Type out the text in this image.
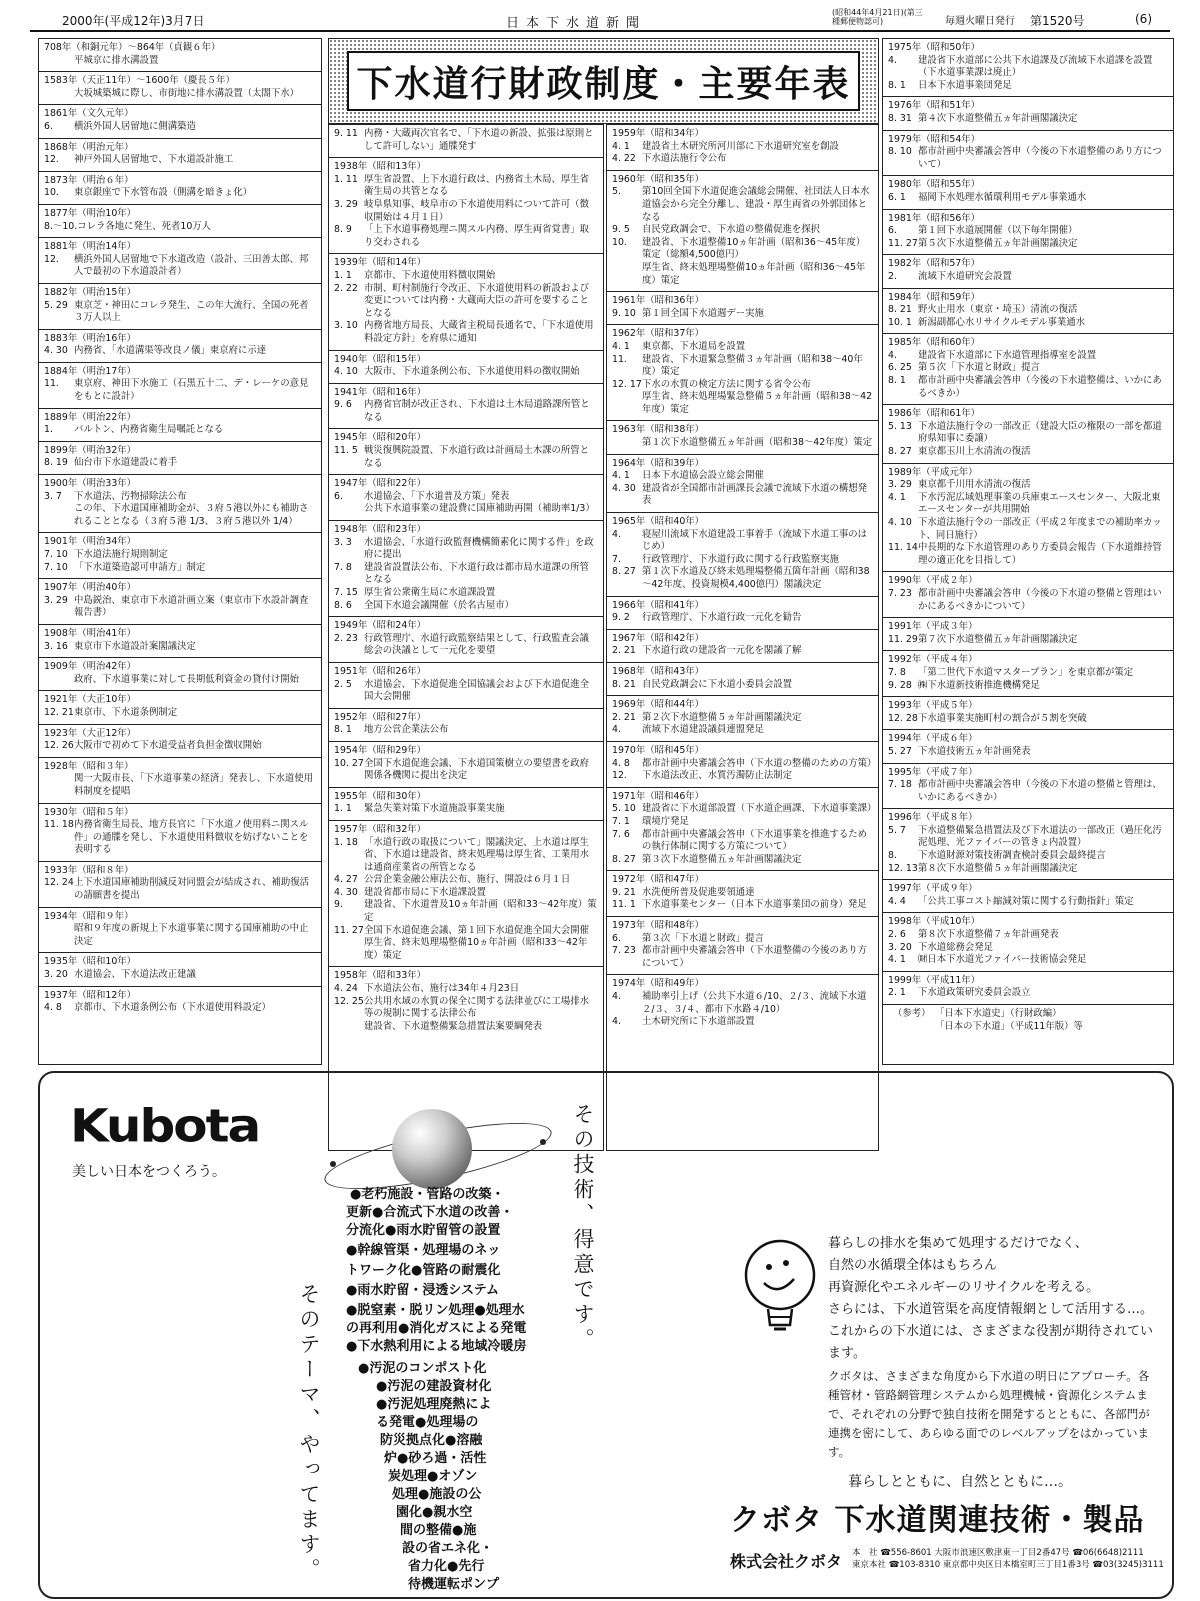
2000年(平成12年)3月7日	日本下水道新聞
(昭和44年4月21日)(第三種郵便物認可)	毎週火曜日発行 第1520号	(6)
下水道行財政制度・主要年表
708年（和銅元年）～864年（貞観６年）
平城京に排水溝設置
1583年（天正11年）～1600年（慶長５年）
大坂城築城に際し、市街地に排水溝設置（太閤下水）
1861年（文久元年）
6.	横浜外国人居留地に側溝築造
1868年（明治元年）
12.	神戸外国人居留地で、下水道設計施工
1873年（明治６年）
10.	東京銀座で下水管布設（側溝を暗きょ化）
1877年（明治10年）
8.～10. コレラ各地に発生、死者10万人
1881年（明治14年）
12.	横浜外国人居留地で下水道改造（設計、三田善太郎、邦人で最初の下水道設計者）
1882年（明治15年）
5. 29 東京芝・神田にコレラ発生、この年大流行、全国の死者３万人以上
1883年（明治16年）
4. 30 内務省、「水道溝渠等改良ノ儀」東京府に示達
1884年（明治17年）
11.	東京府、神田下水施工（石黒五十二、デ・レーケの意見をもとに設計）
1889年（明治22年）
1.	バルトン、内務省衛生局嘱託となる
1899年（明治32年）
8. 19 仙台市下水道建設に着手
1900年（明治33年）
3. 7	下水道法、汚物掃除法公布
この年、下水道国庫補助金が、３府５港以外にも補助されることとなる（３府５港 1/3、３府５港以外 1/4）
1901年（明治34年）
7. 10 下水道法施行規則制定
7. 10 「下水道築造認可申請方」制定
1907年（明治40年）
3. 29 中島鋭治、東京市下水道計画立案（東京市下水設計調査報告書）
1908年（明治41年）
3. 16 東京市下水道設計案閣議決定
1909年（明治42年）
政府、下水道事業に対して長期低利資金の貸付け開始
1921年（大正10年）
12. 21 東京市、下水道条例制定
1923年（大正12年）
12. 26 大阪市で初めて下水道受益者負担金徴収開始
1928年（昭和３年）
関一大阪市長、「下水道事業の経済」発表し、下水道使用料制度を提唱
1930年（昭和５年）
11. 18 内務省衛生局長、地方長官に「下水道ノ使用料ニ関スル件」の通牒を発し、下水道使用料徴収を妨げないことを表明する
1933年（昭和８年）
12. 24 上下水道国庫補助削減反対同盟会が結成され、補助復活の請願書を提出
1934年（昭和９年）
昭和９年度の新規上下水道事業に関する国庫補助の中止決定
1935年（昭和10年）
3. 20 水道協会、下水道法改正建議
1937年（昭和12年）
4. 8	京都市、下水道条例公布（下水道使用料設定）
9. 11 内務・大蔵両次官名で、「下水道の新設、拡張は原則として許可しない」通牒発す
1938年（昭和13年）
1. 11 厚生省設置、上下水道行政は、内務省土木局、厚生省衛生局の共管となる
3. 29 岐阜県知事、岐阜市の下水道使用料について許可（徴収開始は４月１日）
8. 9	「上下水道事務処理ニ関スル内務、厚生両省覚書」取り交わされる
1939年（昭和14年）
1. 1	京都市、下水道使用料徴収開始
2. 22 市制、町村制施行令改正、下水道使用料の新設および変更については内務・大蔵両大臣の許可を要することとなる
3. 10 内務省地方局長、大蔵省主税局長通名で、「下水道使用料設定方針」を府県に通知
1940年（昭和15年）
4. 10 大阪市、下水道条例公布、下水道使用料の徴収開始
1941年（昭和16年）
9. 6	内務省官制が改正され、下水道は土木局道路課所管となる
1945年（昭和20年）
11. 5 戦災復興院設置、下水道行政は計画局土木課の所管となる
1947年（昭和22年）
6.	水道協会、「下水道普及方策」発表
公共下水道事業の建設費に国庫補助再開（補助率1/3）
1948年（昭和23年）
3. 3	水道協会、「水道行政監督機構簡素化に関する件」を政府に提出
7. 8	建設省設置法公布、下水道行政は都市局水道課の所管となる
7. 15 厚生省公衆衛生局に水道課設置
8. 6	全国下水道会議開催（於名古屋市）
1949年（昭和24年）
2. 23 行政管理庁、水道行政監察結果として、行政監査会議総会の決議として一元化を要望
1951年（昭和26年）
2. 5	水道協会、下水道促進全国協議会および下水道促進全国大会開催
1952年（昭和27年）
8. 1	地方公営企業法公布
1954年（昭和29年）
10. 27 全国下水道促進会議、下水道国策樹立の要望書を政府関係各機関に提出を決定
1955年（昭和30年）
1. 1	緊急失業対策下水道施設事業実施
1957年（昭和32年）
1. 18 「水道行政の取扱について」閣議決定、上水道は厚生省、下水道は建設省、終末処理場は厚生省、工業用水は通商産業省の所管となる
4. 27 公営企業金融公庫法公布、施行、開設は６月１日
4. 30 建設省都市局に下水道課設置
9.	建設省、下水道普及10ヵ年計画（昭和33～42年度）策定
11. 27 全国下水道促進会議、第１回下水道促進全国大会開催
厚生省、終末処理場整備10ヵ年計画（昭和33～42年度）策定
1958年（昭和33年）
4. 24 下水道法公布、施行は34年４月23日
12. 25 公共用水域の水質の保全に関する法律並びに工場排水等の規制に関する法律公布
建設省、下水道整備緊急措置法案要綱発表
1959年（昭和34年）
4. 1	建設省土木研究所河川部に下水道研究室を創設
4. 22 下水道法施行令公布
1960年（昭和35年）
5.	第10回全国下水道促進会議総会開催、社団法人日本水道協会から完全分離し、建設・厚生両省の外郭団体となる
9. 5	自民党政調会で、下水道の整備促進を探択
10.	建設省、下水道整備10ヵ年計画（昭和36～45年度）策定（総額4,500億円）
厚生省、終末処理場整備10ヵ年計画（昭和36～45年度）策定
1961年（昭和36年）
9. 10 第１回全国下水道週デー実施
1962年（昭和37年）
4. 1	東京都、下水道局を設置
11.	建設省、下水道緊急整備３ヵ年計画（昭和38～40年度）策定
12. 17 下水の水質の検定方法に関する省令公布
厚生省、終末処理場緊急整備５ヵ年計画（昭和38～42年度）策定
1963年（昭和38年）
第１次下水道整備五ヵ年計画（昭和38～42年度）策定
1964年（昭和39年）
4. 1	日本下水道協会設立総会開催
4. 30 建設省が全国都市計画課長会議で流域下水道の構想発表
1965年（昭和40年）
4.	寝屋川流域下水道建設工事着手（流域下水道工事のはじめ）
7.	行政管理庁、下水道行政に関する行政監察実施
8. 27 第１次下水道及び終末処理場整備五箇年計画（昭和38～42年度、投資規模4,400億円）閣議決定
1966年（昭和41年）
9. 2	行政管理庁、下水道行政一元化を勧告
1967年（昭和42年）
2. 21 下水道行政の建設省一元化を閣議了解
1968年（昭和43年）
8. 21 自民党政調会に下水道小委員会設置
1969年（昭和44年）
2. 21 第２次下水道整備５ヵ年計画閣議決定
4.	流域下水道建設議員連盟発足
1970年（昭和45年）
4. 8	都市計画中央審議会答申（下水道の整備のための方策）
12.	下水道法改正、水質汚濁防止法制定
1971年（昭和46年）
5. 10 建設省に下水道部設置（下水道企画課、下水道事業課）
7. 1	環境庁発足
7. 6	都市計画中央審議会答申（下水道事業を推進するための執行体制に関する方策について）
8. 27 第３次下水道整備五ヵ年計画閣議決定
1972年（昭和47年）
9. 21 水洗便所普及促進要領通達
11. 1 下水道事業センター（日本下水道事業団の前身）発足
1973年（昭和48年）
6.	第３次「下水道と財政」提言
7. 23 都市計画中央審議会答申（下水道整備の今後のあり方について）
1974年（昭和49年）
4.	補助率引上げ（公共下水道６/10、２/３、流域下水道２/３、３/４、都市下水路４/10）
4.	土木研究所に下水道部設置
1975年（昭和50年）
4.	建設省下水道部に公共下水道課及び流域下水道課を設置（下水道事業課は廃止）
8. 1	日本下水道事業団発足
1976年（昭和51年）
8. 31 第４次下水道整備五ヵ年計画閣議決定
1979年（昭和54年）
8. 10 都市計画中央審議会答申（今後の下水道整備のあり方について）
1980年（昭和55年）
6. 1	福岡下水処理水循環利用モデル事業通水
1981年（昭和56年）
6.	第１回下水道展開催（以下毎年開催）
11. 27 第５次下水道整備五ヵ年計画閣議決定
1982年（昭和57年）
2.	流域下水道研究会設置
1984年（昭和59年）
8. 21 野火止用水（東京・埼玉）清流の復活
10. 1 新潟副都心水リサイクルモデル事業通水
1985年（昭和60年）
4.	建設省下水道部に下水道管理指導室を設置
6. 25 第５次「下水道と財政」提言
8. 1	都市計画中央審議会答申（今後の下水道整備は、いかにあるべきか）
1986年（昭和61年）
5. 13 下水道法施行令の一部改正（建設大臣の権限の一部を都道府県知事に委譲）
8. 27 東京都玉川上水清流の復活
1989年（平成元年）
3. 29 東京都千川用水清流の復活
4. 1	下水汚泥広域処理事業の兵庫東エースセンター、大阪北東エースセンターが共用開始
4. 10 下水道法施行令の一部改正（平成２年度までの補助率カット、同日施行）
11. 14 中長期的な下水道管理のあり方委員会報告（下水道維持管理の適正化を目指して）
1990年（平成２年）
7. 23 都市計画中央審議会答申（今後の下水道の整備と管理はいかにあるべきかについて）
1991年（平成３年）
11. 29 第７次下水道整備五ヵ年計画閣議決定
1992年（平成４年）
7. 8	「第二世代下水道マスタープラン」を東京都が策定
9. 28 ㈱下水道新技術推進機構発足
1993年（平成５年）
12. 28 下水道事業実施町村の割合が５割を突破
1994年（平成６年）
5. 27 下水道技術五ヵ年計画発表
1995年（平成７年）
7. 18 都市計画中央審議会答申（今後の下水道の整備と管理は、いかにあるべきか）
1996年（平成８年）
5. 7	下水道整備緊急措置法及び下水道法の一部改正（過圧化汚泥処理、光ファイバーの管きょ内設置）
8.	下水道財源対策技術調査検討委員会最終提言
12. 13 第８次下水道整備５ヵ年計画閣議決定
1997年（平成９年）
4. 4	「公共工事コスト縮減対策に関する行動指針」策定
1998年（平成10年）
2. 6	第８次下水道整備７ヵ年計画発表
3. 20 下水道総務会発足
4. 1	㈶日本下水道光ファイバー技術協会発足
1999年（平成11年）
2. 1	下水道政策研究委員会設立
（参考） 「日本下水道史」（行財政編）
「日本の下水道」（平成11年版）等
Kubota
美しい日本をつくろう。	その技術、得意です。
そのテーマ、やってます。
●老朽施設・管路の改築・
更新●合流式下水道の改善・
分流化●雨水貯留管の設置
●幹線管渠・処理場のネッ
トワーク化●管路の耐震化
●雨水貯留・浸透システム
●脱窒素・脱リン処理●処理水
の再利用●消化ガスによる発電
●下水熱利用による地域冷暖房
●汚泥のコンポスト化
●汚泥の建設資材化
●汚泥処理廃熱によ
る発電●処理場の
防災拠点化●溶融
炉●砂ろ過・活性
炭処理●オゾン
処理●施設の公
園化●親水空
間の整備●施
設の省エネ化・
省力化●先行
待機運転ポンプ
暮らしの排水を集めて処理するだけでなく、
自然の水循環全体はもちろん
再資源化やエネルギーのリサイクルを考える。
さらには、下水道管渠を高度情報網として活用する…。
これからの下水道には、さまざまな役割が期待されています。
クボタは、さまざまな角度から下水道の明日にアプローチ。各種管材・管路網管理システムから処理機械・資源化システムまで、それぞれの分野で独自技術を開発するとともに、各部門が連携を密にして、あらゆる面でのレベルアップをはかっています。
暮らしとともに、自然とともに…。
クボタ 下水道関連技術・製品
株式会社クボタ 本　社 ☎556-8601 大阪市浪速区敷津東一丁目2番47号 ☎06(6648)2111
東京本社 ☎103-8310 東京都中央区日本橋室町三丁目1番3号 ☎03(3245)3111
